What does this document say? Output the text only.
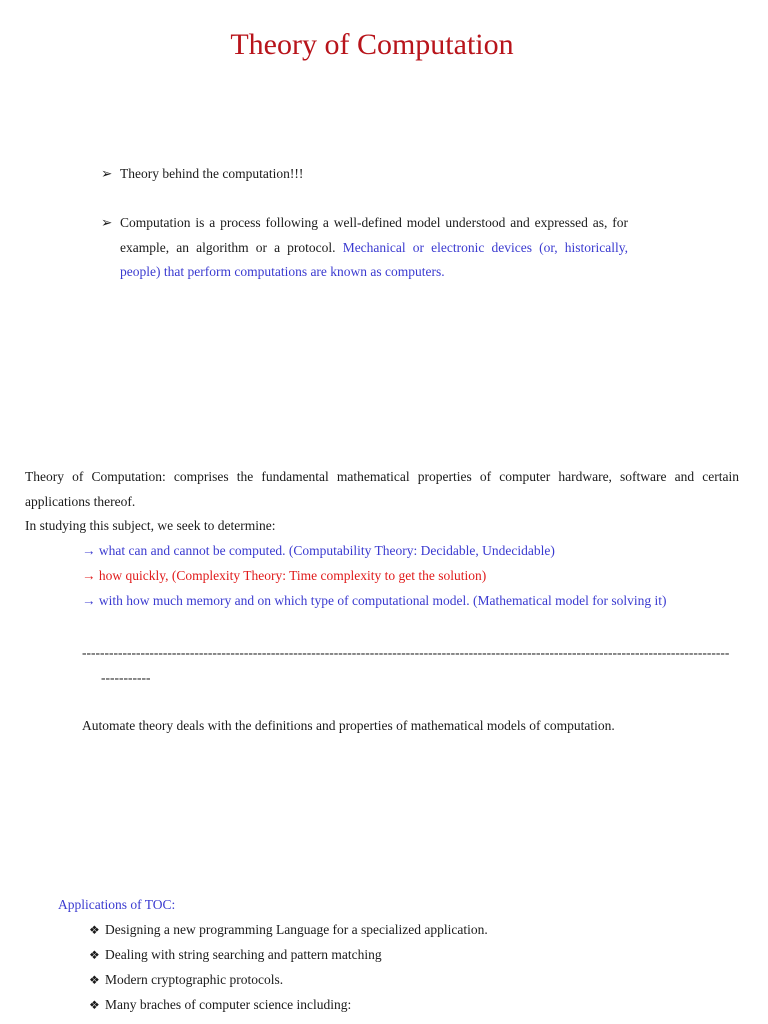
Theory of Computation
➢ Theory behind the computation!!!
➢ Computation is a process following a well-defined model understood and expressed as, for example, an algorithm or a protocol. Mechanical or electronic devices (or, historically, people) that perform computations are known as computers.
Theory of Computation: comprises the fundamental mathematical properties of computer hardware, software and certain applications thereof.
In studying this subject, we seek to determine:
→ what can and cannot be computed. (Computability Theory: Decidable, Undecidable)
→ how quickly, (Complexity Theory: Time complexity to get the solution)
→ with how much memory and on which type of computational model. (Mathematical model for solving it)
------------------------------------------------------------------------------------------------------------------------------------------------
-----------
Automate theory deals with the definitions and properties of mathematical models of computation.
Applications of TOC:
❖ Designing a new programming Language for a specialized application.
❖ Dealing with string searching and pattern matching
❖ Modern cryptographic protocols.
❖ Many braches of computer science including:
